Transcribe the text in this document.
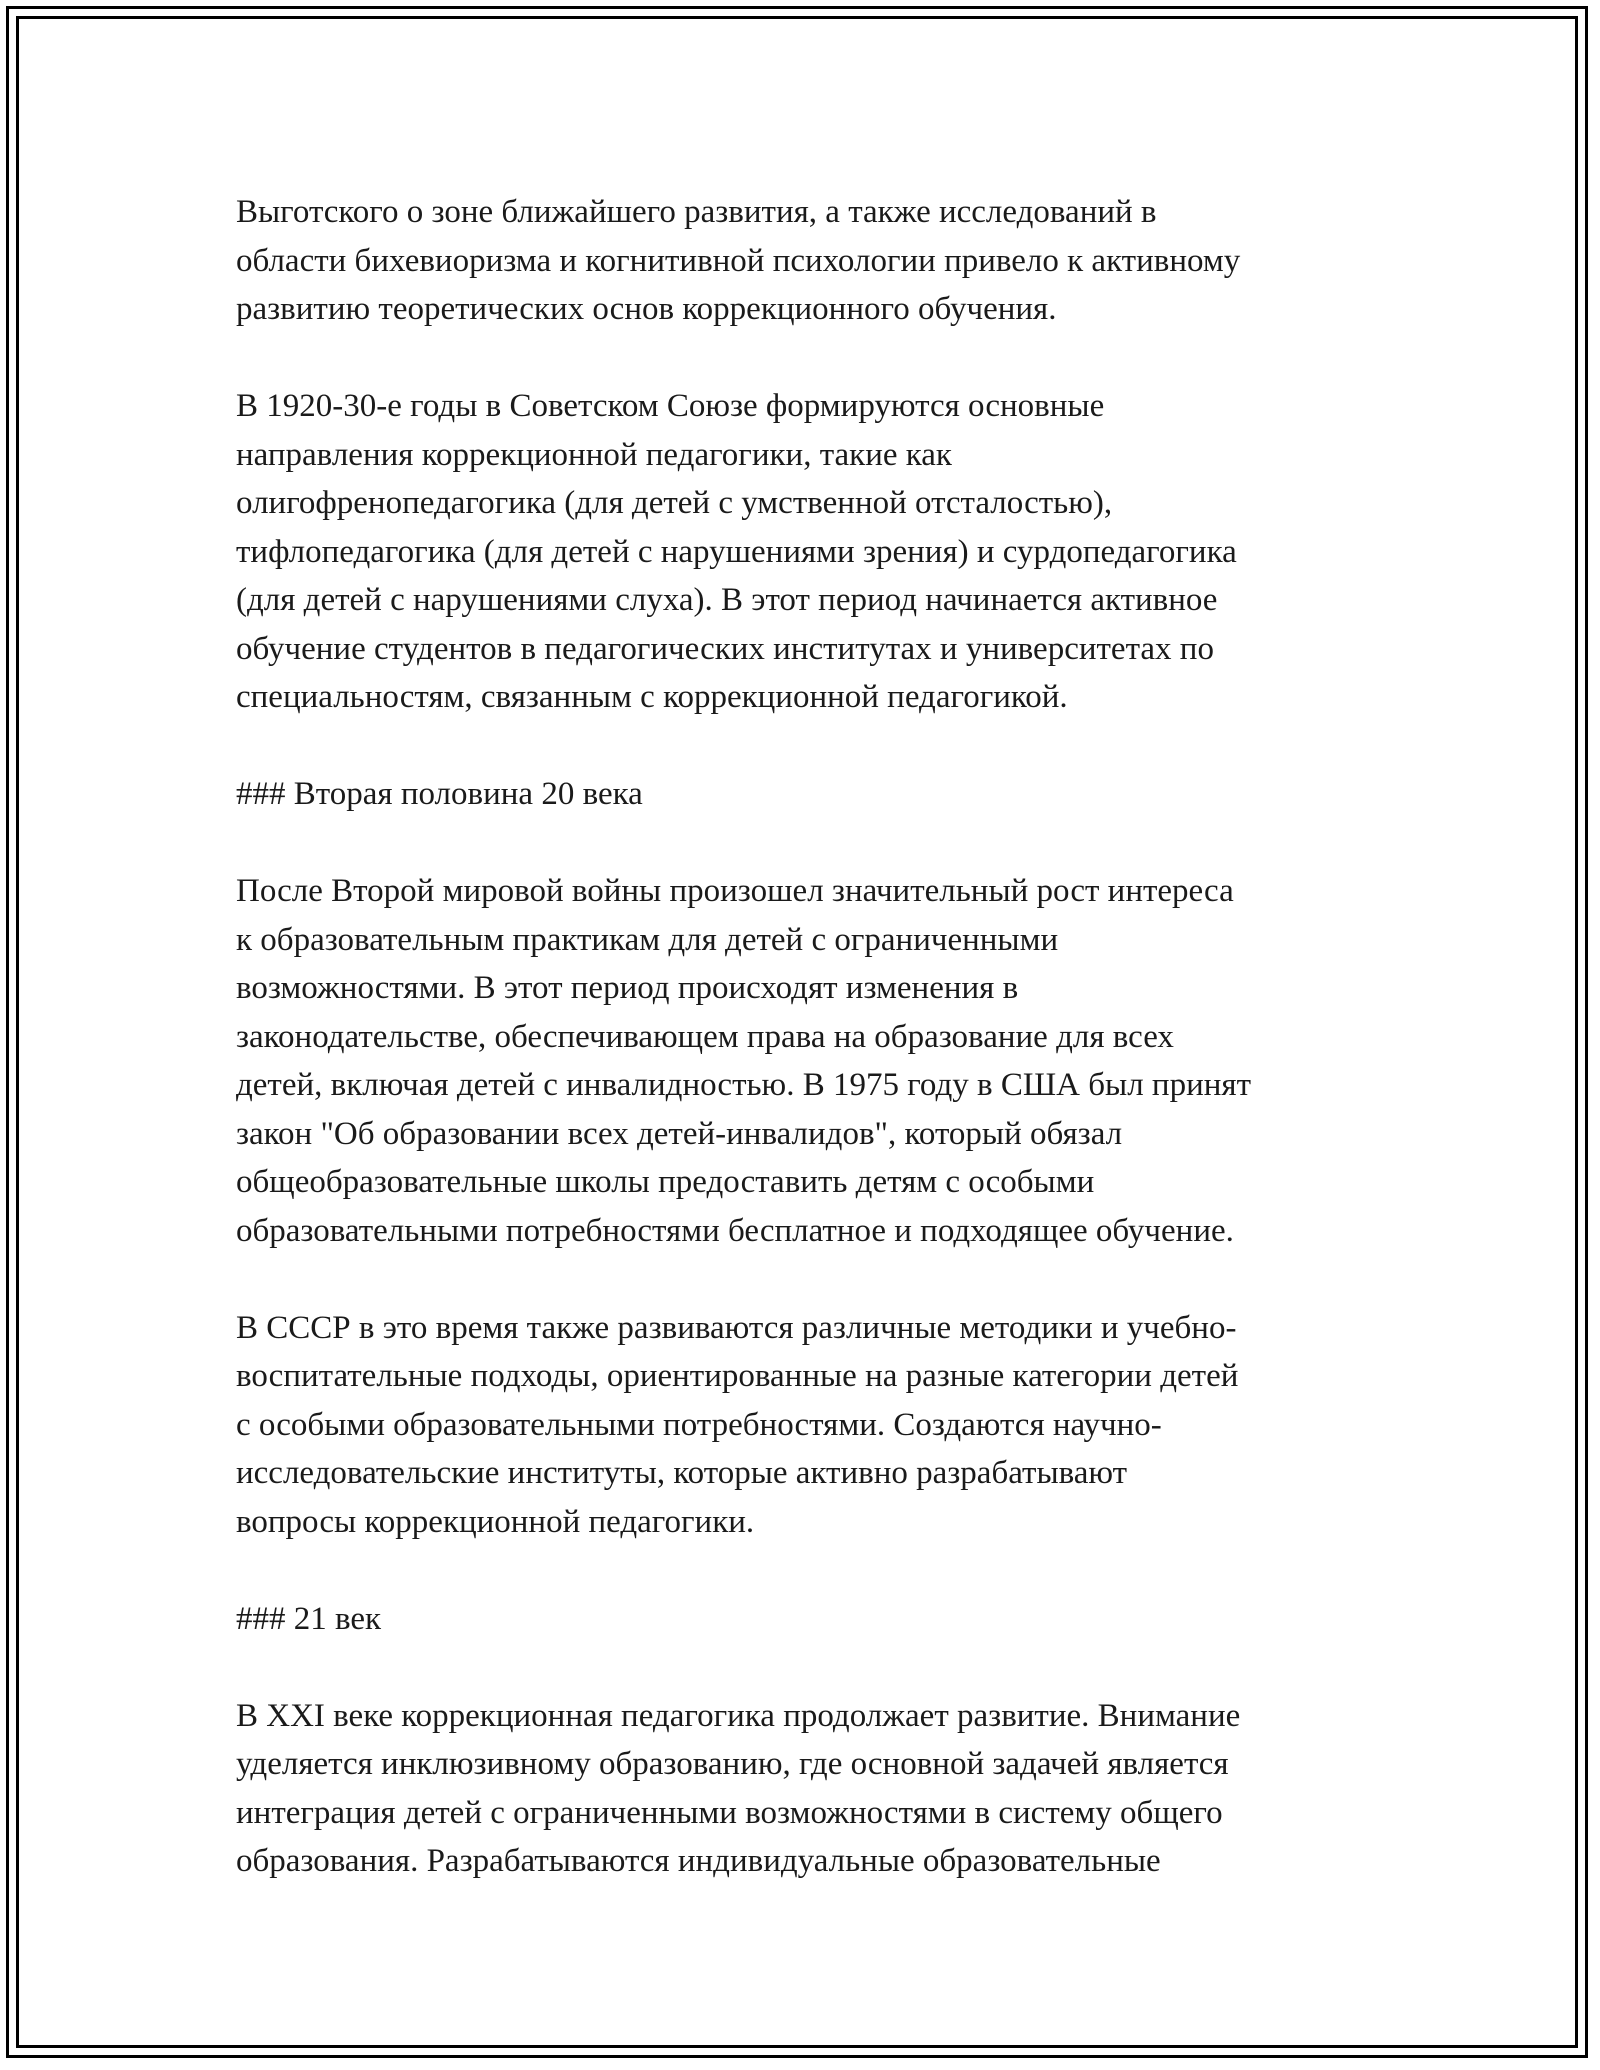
Выготского о зоне ближайшего развития, а также исследований в
области бихевиоризма и когнитивной психологии привело к активному
развитию теоретических основ коррекционного обучения.
В 1920-30-е годы в Советском Союзе формируются основные
направления коррекционной педагогики, такие как
олигофренопедагогика (для детей с умственной отсталостью),
тифлопедагогика (для детей с нарушениями зрения) и сурдопедагогика
(для детей с нарушениями слуха). В этот период начинается активное
обучение студентов в педагогических институтах и университетах по
специальностям, связанным с коррекционной педагогикой.
### Вторая половина 20 века
После Второй мировой войны произошел значительный рост интереса
к образовательным практикам для детей с ограниченными
возможностями. В этот период происходят изменения в
законодательстве, обеспечивающем права на образование для всех
детей, включая детей с инвалидностью. В 1975 году в США был принят
закон "Об образовании всех детей-инвалидов", который обязал
общеобразовательные школы предоставить детям с особыми
образовательными потребностями бесплатное и подходящее обучение.
В СССР в это время также развиваются различные методики и учебно-
воспитательные подходы, ориентированные на разные категории детей
с особыми образовательными потребностями. Создаются научно-
исследовательские институты, которые активно разрабатывают
вопросы коррекционной педагогики.
### 21 век
В XXI веке коррекционная педагогика продолжает развитие. Внимание
уделяется инклюзивному образованию, где основной задачей является
интеграция детей с ограниченными возможностями в систему общего
образования. Разрабатываются индивидуальные образовательные
